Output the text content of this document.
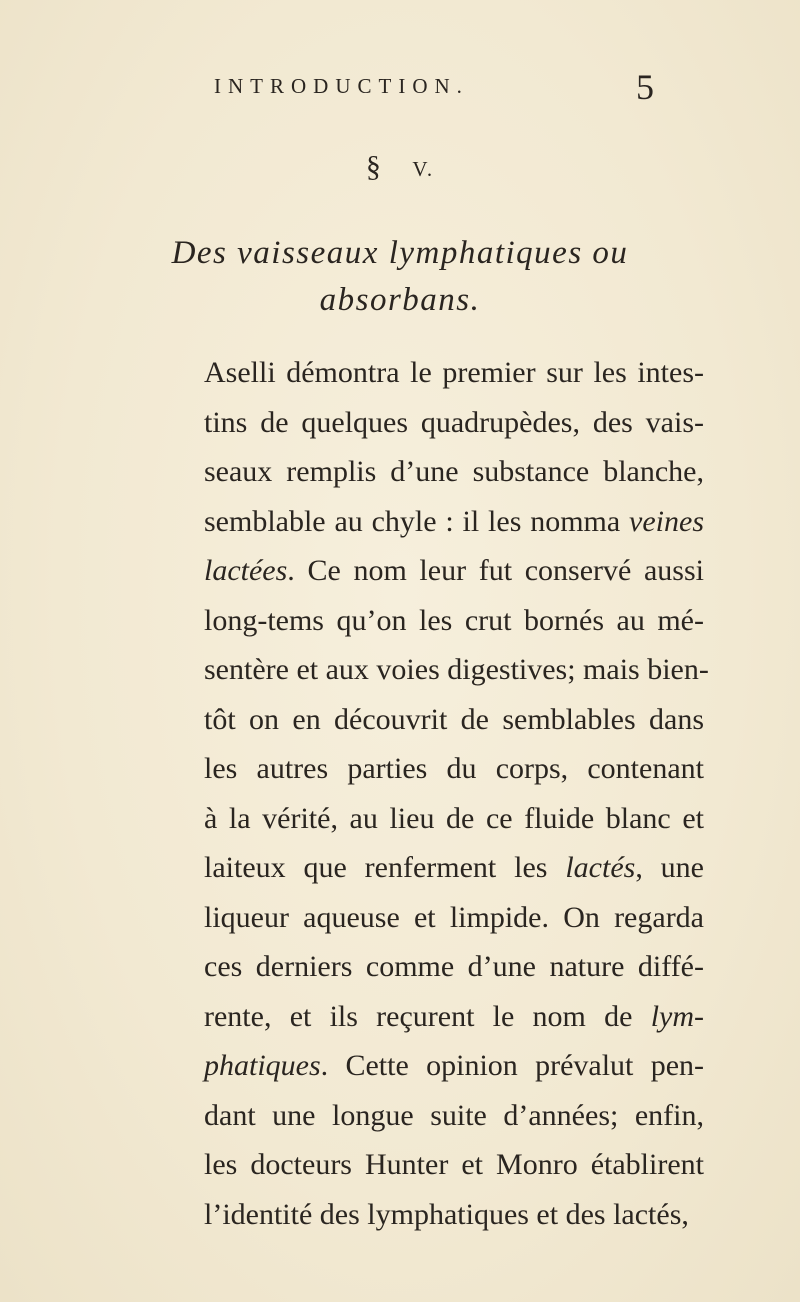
INTRODUCTION.	5
§ V.
Des vaisseaux lymphatiques ou
absorbans.
Aselli démontra le premier sur les intes-
tins de quelques quadrupèdes, des vais-
seaux remplis d’une substance blanche,
semblable au chyle : il les nomma veines
lactées. Ce nom leur fut conservé aussi
long-tems qu’on les crut bornés au mé-
sentère et aux voies digestives; mais bien-
tôt on en découvrit de semblables dans
les autres parties du corps, contenant
à la vérité, au lieu de ce fluide blanc et
laiteux que renferment les lactés, une
liqueur aqueuse et limpide. On regarda
ces derniers comme d’une nature diffé-
rente, et ils reçurent le nom de lym-
phatiques. Cette opinion prévalut pen-
dant une longue suite d’années; enfin,
les docteurs Hunter et Monro établirent
l’identité des lymphatiques et des lactés,
